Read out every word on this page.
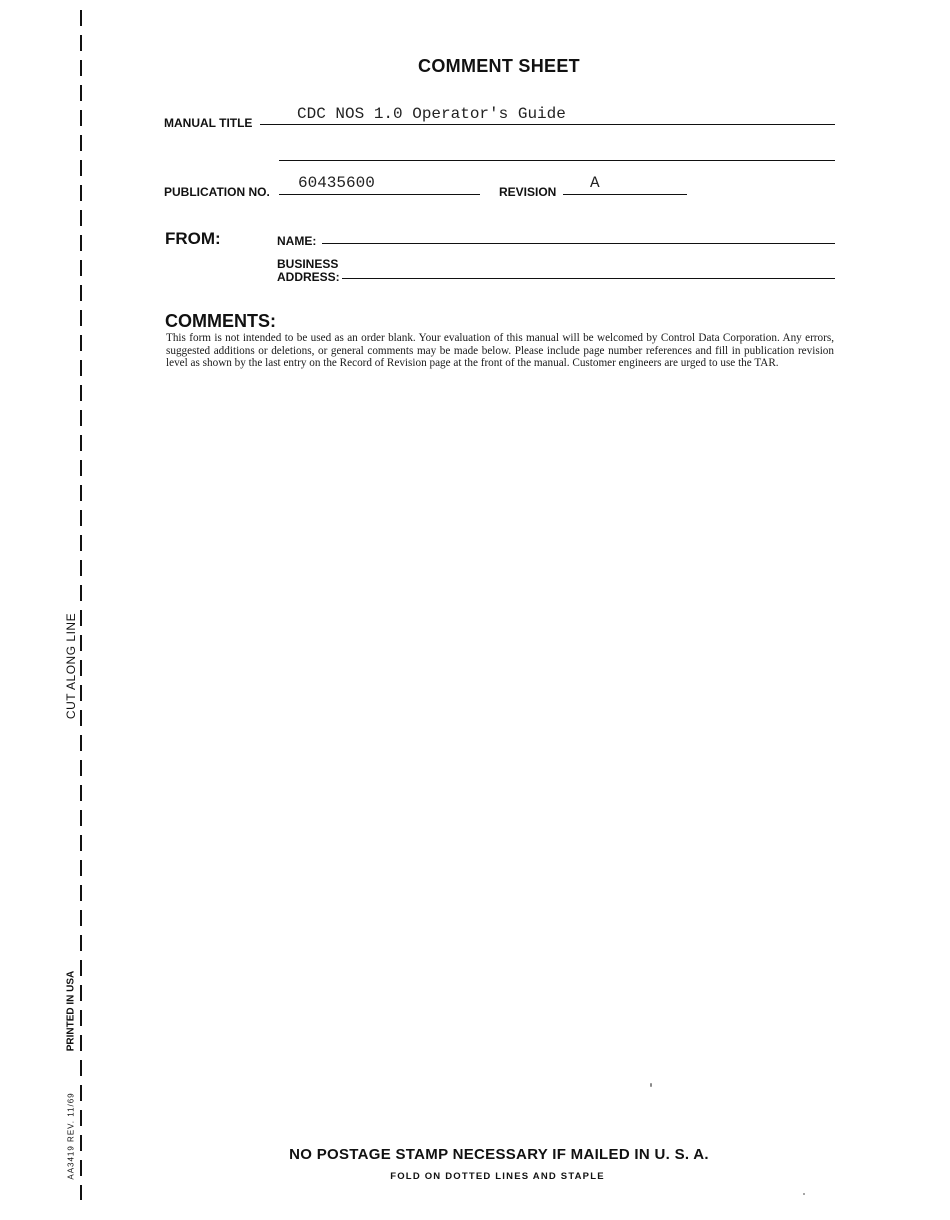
CUT ALONG LINE
PRINTED IN USA
AA3419 REV. 11/69
COMMENT SHEET
MANUAL TITLE	CDC NOS 1.0 Operator's Guide
PUBLICATION NO. 60435600	REVISION A
FROM:	NAME:
BUSINESS
ADDRESS:
COMMENTS:
This form is not intended to be used as an order blank. Your evaluation of this manual will be welcomed by Control Data Corporation. Any errors, suggested additions or deletions, or general comments may be made below. Please include page number references and fill in publication revision level as shown by the last entry on the Record of Revision page at the front of the manual. Customer engineers are urged to use the TAR.
NO POSTAGE STAMP NECESSARY IF MAILED IN U. S. A.
FOLD ON DOTTED LINES AND STAPLE
